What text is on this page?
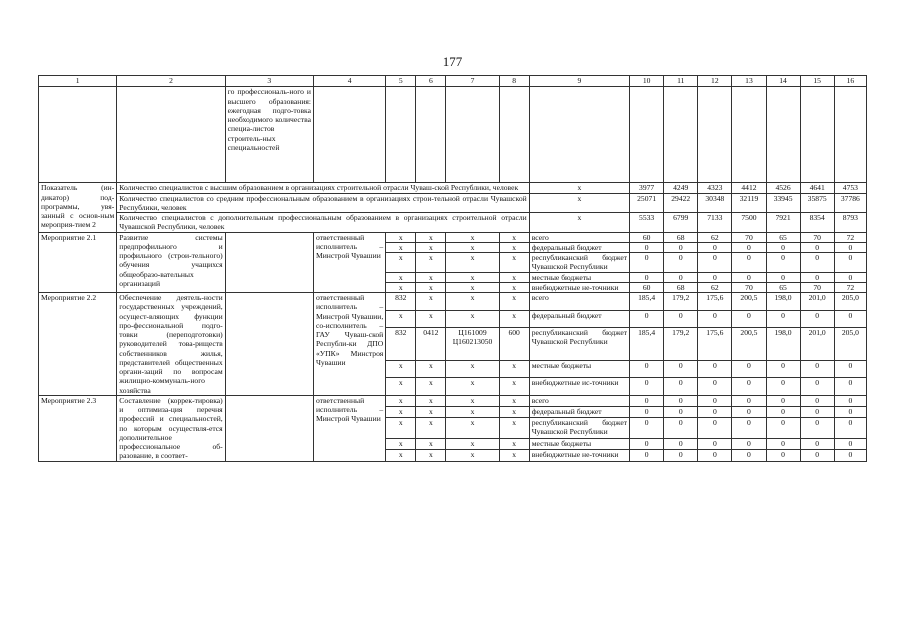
177
1	2	3	4	5	6	7	8	9	10	11	12	13	14	15	16
		го профессиональ-ного и высшего образования: ежегодная подго-товка необходимого количества специа-листов строитель-ных специальностей													
Показатель (ин-дикатор) под-программы, увя-занный с основ-ным мероприя-тием 2	Количество специалистов с высшим образованием в организациях строительной отрасли Чуваш-ской Республики, человек							х	3977	4249	4323	4412	4526	4641	4753
	Количество специалистов со средним профессиональным образованием в организациях строи-тельной отрасли Чувашской Республики, человек							х	25071	29422	30348	32119	33945	35875	37786
	Количество специалистов с дополнительным профессиональным образованием в организациях строительной отрасли Чувашской Республики, человек							х	5533	6799	7133	7500	7921	8354	8793
Мероприятие 2.1	Развитие системы предпрофильного и профильного (строи-тельного) обучения учащихся общеобразо-вательных организаций		ответственный исполнитель – Минстрой Чувашии	х	х	х	х	всего	60	68	62	70	65	70	72
				х	х	х	х	федеральный бюджет	0	0	0	0	0	0	0
				х	х	х	х	республиканский бюджет Чувашской Республики	0	0	0	0	0	0	0
				х	х	х	х	местные бюджеты	0	0	0	0	0	0	0
				х	х	х	х	внебюджетные не-точники	60	68	62	70	65	70	72
Мероприятие 2.2	Обеспечение деятель-ности государственных учреждений, осущест-вляющих функции про-фессиональной подго-товки (переподготовки) руководителей това-риществ собственников жилья, представителей общественных органи-заций по вопросам жилищно-коммуналь-ного хозяйства		ответственный исполнитель – Минстрой Чувашии, со-исполнитель – ГАУ Чуваш-ской Республи-ки ДПО «УПК» Минстроя Чувашии	832	х	х	х	всего	185,4	179,2	175,6	200,5	198,0	201,0	205,0
				х	х	х	х	федеральный бюджет	0	0	0	0	0	0	0
				832	0412	Ц161009 Ц160213050	600	республиканский бюджет Чувашской Республики	185,4	179,2	175,6	200,5	198,0	201,0	205,0
				х	х	х	х	местные бюджеты	0	0	0	0	0	0	0
				х	х	х	х	внебюджетные ис-точники	0	0	0	0	0	0	0
Мероприятие 2.3	Составление (коррек-тировка) и оптимиза-ция перечня профессий и специальностей, по которым осуществля-ется дополнительное профессиональное об-разование, в соответ-		ответственный исполнитель – Минстрой Чувашии	х	х	х	х	всего	0	0	0	0	0	0	0
				х	х	х	х	федеральный бюджет	0	0	0	0	0	0	0
				х	х	х	х	республиканский бюджет Чувашской Республики	0	0	0	0	0	0	0
				х	х	х	х	местные бюджеты	0	0	0	0	0	0	0
				х	х	х	х	внебюджетные не-точники	0	0	0	0	0	0	0
